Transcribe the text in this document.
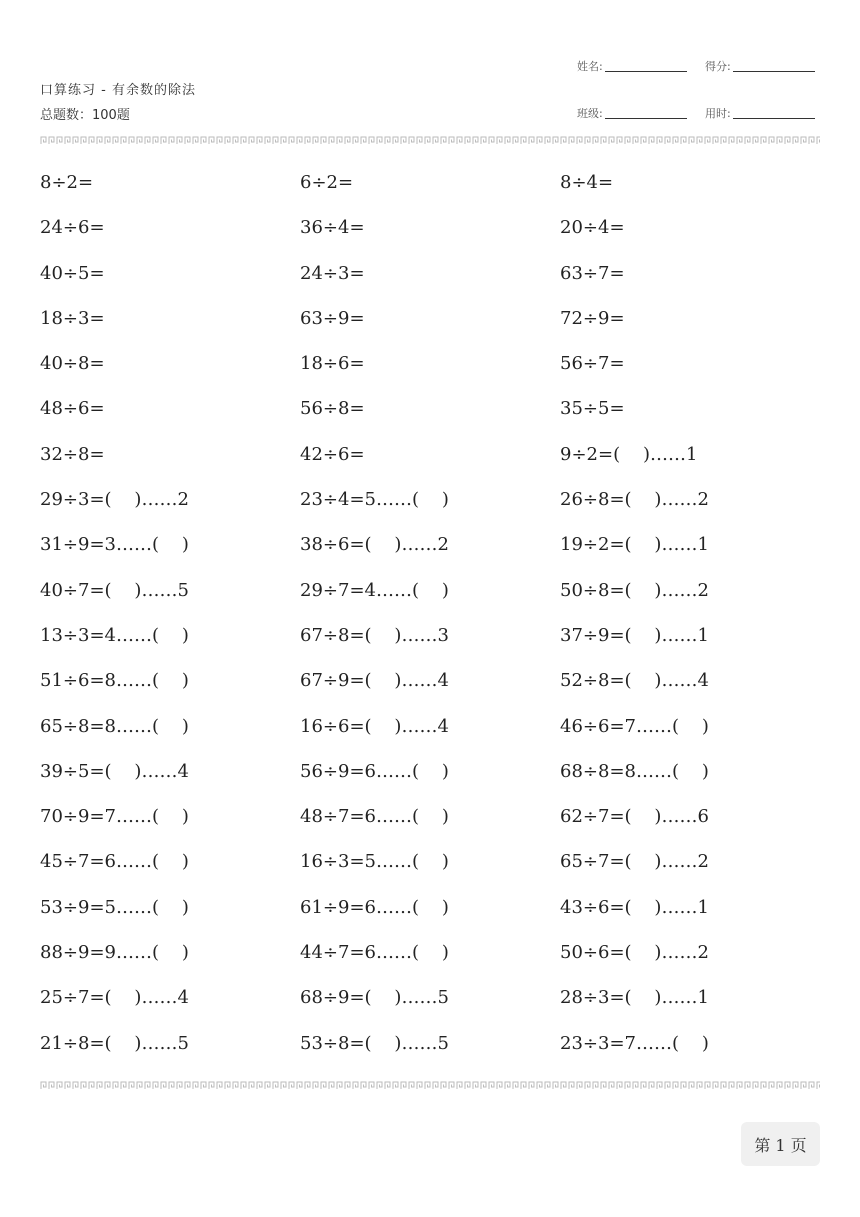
口算练习 - 有余数的除法
总题数：100题
姓名:	得分:
班级:	用时:
8÷2=	6÷2=	8÷4=
24÷6=	36÷4=	20÷4=
40÷5=	24÷3=	63÷7=
18÷3=	63÷9=	72÷9=
40÷8=	18÷6=	56÷7=
48÷6=	56÷8=	35÷5=
32÷8=	42÷6=	9÷2=(    )……1
29÷3=(    )……2	23÷4=5……(    )	26÷8=(    )……2
31÷9=3……(    )	38÷6=(    )……2	19÷2=(    )……1
40÷7=(    )……5	29÷7=4……(    )	50÷8=(    )……2
13÷3=4……(    )	67÷8=(    )……3	37÷9=(    )……1
51÷6=8……(    )	67÷9=(    )……4	52÷8=(    )……4
65÷8=8……(    )	16÷6=(    )……4	46÷6=7……(    )
39÷5=(    )……4	56÷9=6……(    )	68÷8=8……(    )
70÷9=7……(    )	48÷7=6……(    )	62÷7=(    )……6
45÷7=6……(    )	16÷3=5……(    )	65÷7=(    )……2
53÷9=5……(    )	61÷9=6……(    )	43÷6=(    )……1
88÷9=9……(    )	44÷7=6……(    )	50÷6=(    )……2
25÷7=(    )……4	68÷9=(    )……5	28÷3=(    )……1
21÷8=(    )……5	53÷8=(    )……5	23÷3=7……(    )
第 1 页
